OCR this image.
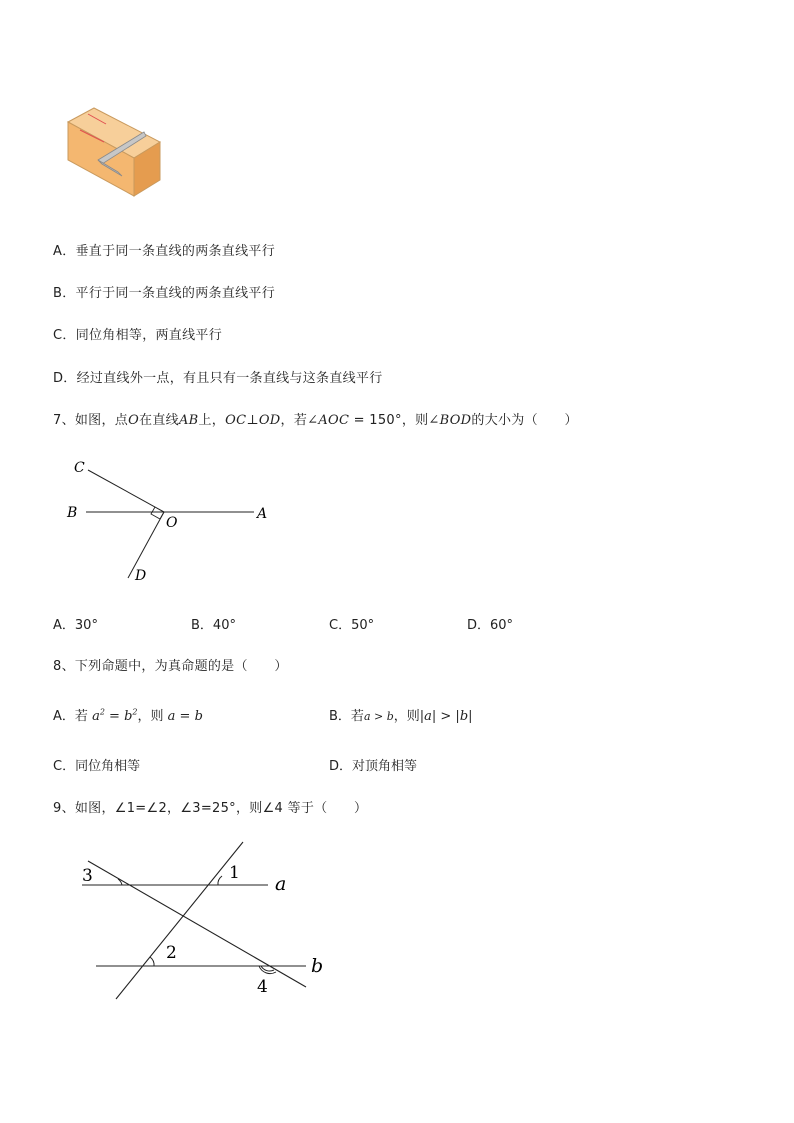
A．垂直于同一条直线的两条直线平行
B．平行于同一条直线的两条直线平行
C．同位角相等，两直线平行
D．经过直线外一点，有且只有一条直线与这条直线平行
7、如图，点O在直线AB上，OC⊥OD，若∠AOC = 150°，则∠BOD的大小为（　　）
C
B
O
A
D
A．30°	B．40°	C．50°	D．60°
8、下列命题中，为真命题的是（　　）
A．若 $a^2 = b^2$，则 a = b	B．若a > b，则|a| > |b|
C．同位角相等	D．对顶角相等
9、如图，∠1=∠2，∠3=25°，则∠4 等于（　　）
3	1
2
4
a
b
